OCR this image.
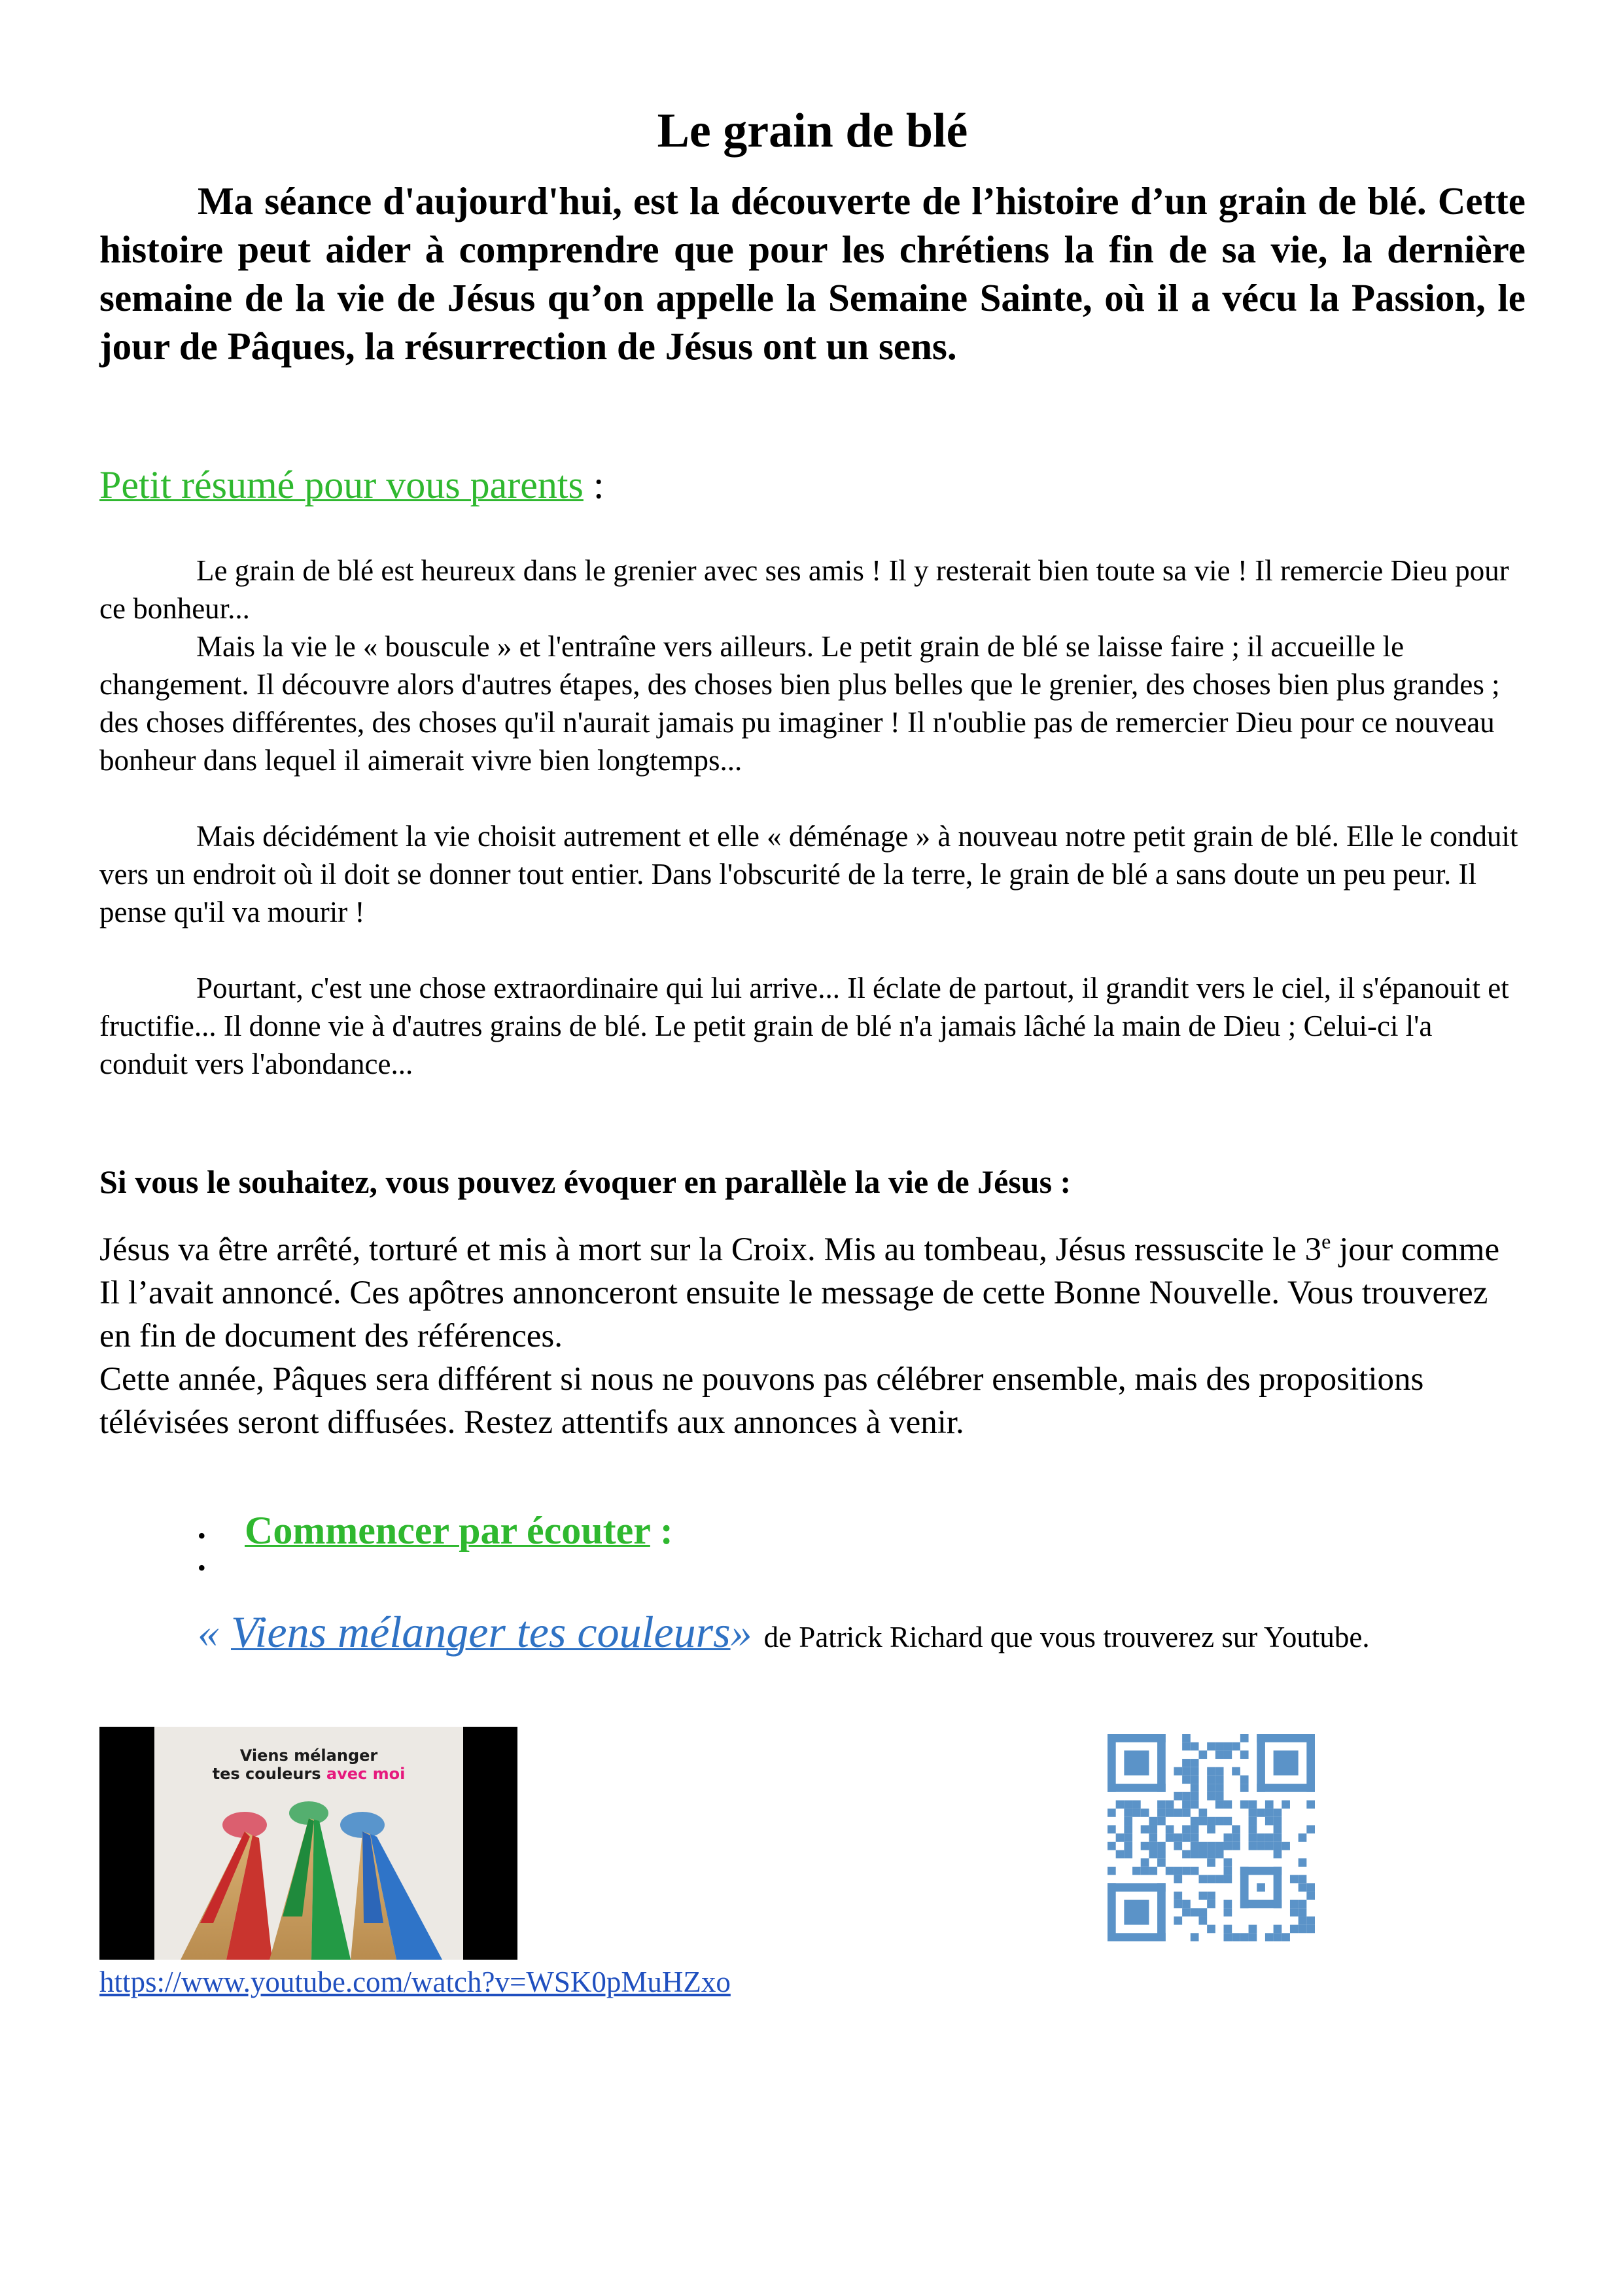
Le grain de blé

Ma séance d'aujourd'hui, est la découverte de l’histoire d’un grain de blé. Cette histoire peut aider à comprendre que pour les chrétiens la fin de sa vie, la dernière semaine de la vie de Jésus qu’on appelle la Semaine Sainte, où il a vécu la Passion, le jour de Pâques, la résurrection de Jésus ont un sens.

Petit résumé pour vous parents :

Le grain de blé est heureux dans le grenier avec ses amis ! Il y resterait bien toute sa vie ! Il remercie Dieu pour ce bonheur...

Mais la vie le « bouscule » et l'entraîne vers ailleurs. Le petit grain de blé se laisse faire ; il accueille le changement. Il découvre alors d'autres étapes, des choses bien plus belles que le grenier, des choses bien plus grandes ; des choses différentes, des choses qu'il n'aurait jamais pu imaginer ! Il n'oublie pas de remercier Dieu pour ce nouveau bonheur dans lequel il aimerait vivre bien longtemps...

Mais décidément la vie choisit autrement et elle « déménage » à nouveau notre petit grain de blé. Elle le conduit vers un endroit où il doit se donner tout entier. Dans l'obscurité de la terre, le grain de blé a sans doute un peu peur. Il pense qu'il va mourir !

Pourtant, c'est une chose extraordinaire qui lui arrive... Il éclate de partout, il grandit vers le ciel, il s'épanouit et fructifie... Il donne vie à d'autres grains de blé. Le petit grain de blé n'a jamais lâché la main de Dieu ; Celui-ci l'a conduit vers l'abondance...

Si vous le souhaitez, vous pouvez évoquer en parallèle la vie de Jésus :

Jésus va être arrêté, torturé et mis à mort sur la Croix. Mis au tombeau, Jésus ressuscite le 3e jour comme Il l’avait annoncé. Ces apôtres annonceront ensuite le message de cette Bonne Nouvelle. Vous trouverez en fin de document des références.
Cette année, Pâques sera différent si nous ne pouvons pas célébrer ensemble, mais des propositions télévisées seront diffusées. Restez attentifs aux annonces à venir.

• Commencer par écouter :
•
« Viens mélanger tes couleurs » de Patrick Richard que vous trouverez sur Youtube.
Viens mélanger
tes couleurs avec moi
https://www.youtube.com/watch?v=WSK0pMuHZxo
